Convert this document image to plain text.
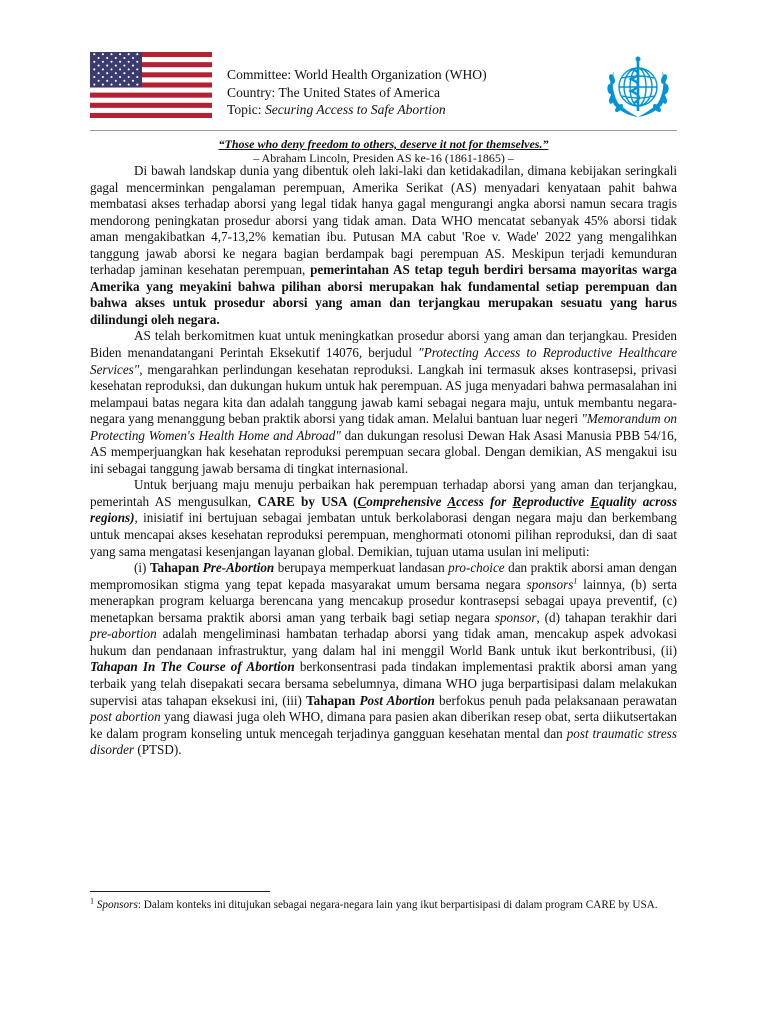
Committee: World Health Organization (WHO)
Country: The United States of America
Topic: Securing Access to Safe Abortion
“Those who deny freedom to others, deserve it not for themselves.”
– Abraham Lincoln, Presiden AS ke-16 (1861-1865) –

Di bawah landskap dunia yang dibentuk oleh laki-laki dan ketidakadilan, dimana kebijakan seringkali gagal mencerminkan pengalaman perempuan, Amerika Serikat (AS) menyadari kenyataan pahit bahwa membatasi akses terhadap aborsi yang legal tidak hanya gagal mengurangi angka aborsi namun secara tragis mendorong peningkatan prosedur aborsi yang tidak aman. Data WHO mencatat sebanyak 45% aborsi tidak aman mengakibatkan 4,7-13,2% kematian ibu. Putusan MA cabut 'Roe v. Wade' 2022 yang mengalihkan tanggung jawab aborsi ke negara bagian berdampak bagi perempuan AS. Meskipun terjadi kemunduran terhadap jaminan kesehatan perempuan, pemerintahan AS tetap teguh berdiri bersama mayoritas warga Amerika yang meyakini bahwa pilihan aborsi merupakan hak fundamental setiap perempuan dan bahwa akses untuk prosedur aborsi yang aman dan terjangkau merupakan sesuatu yang harus dilindungi oleh negara.

AS telah berkomitmen kuat untuk meningkatkan prosedur aborsi yang aman dan terjangkau. Presiden Biden menandatangani Perintah Eksekutif 14076, berjudul "Protecting Access to Reproductive Healthcare Services", mengarahkan perlindungan kesehatan reproduksi. Langkah ini termasuk akses kontrasepsi, privasi kesehatan reproduksi, dan dukungan hukum untuk hak perempuan. AS juga menyadari bahwa permasalahan ini melampaui batas negara kita dan adalah tanggung jawab kami sebagai negara maju, untuk membantu negara-negara yang menanggung beban praktik aborsi yang tidak aman. Melalui bantuan luar negeri "Memorandum on Protecting Women's Health Home and Abroad" dan dukungan resolusi Dewan Hak Asasi Manusia PBB 54/16, AS memperjuangkan hak kesehatan reproduksi perempuan secara global. Dengan demikian, AS mengakui isu ini sebagai tanggung jawab bersama di tingkat internasional.

Untuk berjuang maju menuju perbaikan hak perempuan terhadap aborsi yang aman dan terjangkau, pemerintah AS mengusulkan, CARE by USA (Comprehensive Access for Reproductive Equality across regions), inisiatif ini bertujuan sebagai jembatan untuk berkolaborasi dengan negara maju dan berkembang untuk mencapai akses kesehatan reproduksi perempuan, menghormati otonomi pilihan reproduksi, dan di saat yang sama mengatasi kesenjangan layanan global. Demikian, tujuan utama usulan ini meliputi:

(i) Tahapan Pre-Abortion berupaya memperkuat landasan pro-choice dan praktik aborsi aman dengan mempromosikan stigma yang tepat kepada masyarakat umum bersama negara sponsors$^1$ lainnya, (b) serta menerapkan program keluarga berencana yang mencakup prosedur kontrasepsi sebagai upaya preventif, (c) menetapkan bersama praktik aborsi aman yang terbaik bagi setiap negara sponsor, (d) tahapan terakhir dari pre-abortion adalah mengeliminasi hambatan terhadap aborsi yang tidak aman, mencakup aspek advokasi hukum dan pendanaan infrastruktur, yang dalam hal ini menggil World Bank untuk ikut berkontribusi, (ii) Tahapan In The Course of Abortion berkonsentrasi pada tindakan implementasi praktik aborsi aman yang terbaik yang telah disepakati secara bersama sebelumnya, dimana WHO juga berpartisipasi dalam melakukan supervisi atas tahapan eksekusi ini, (iii) Tahapan Post Abortion berfokus penuh pada pelaksanaan perawatan post abortion yang diawasi juga oleh WHO, dimana para pasien akan diberikan resep obat, serta diikutsertakan ke dalam program konseling untuk mencegah terjadinya gangguan kesehatan mental dan post traumatic stress disorder (PTSD).

$^1$ Sponsors: Dalam konteks ini ditujukan sebagai negara-negara lain yang ikut berpartisipasi di dalam program CARE by USA.
